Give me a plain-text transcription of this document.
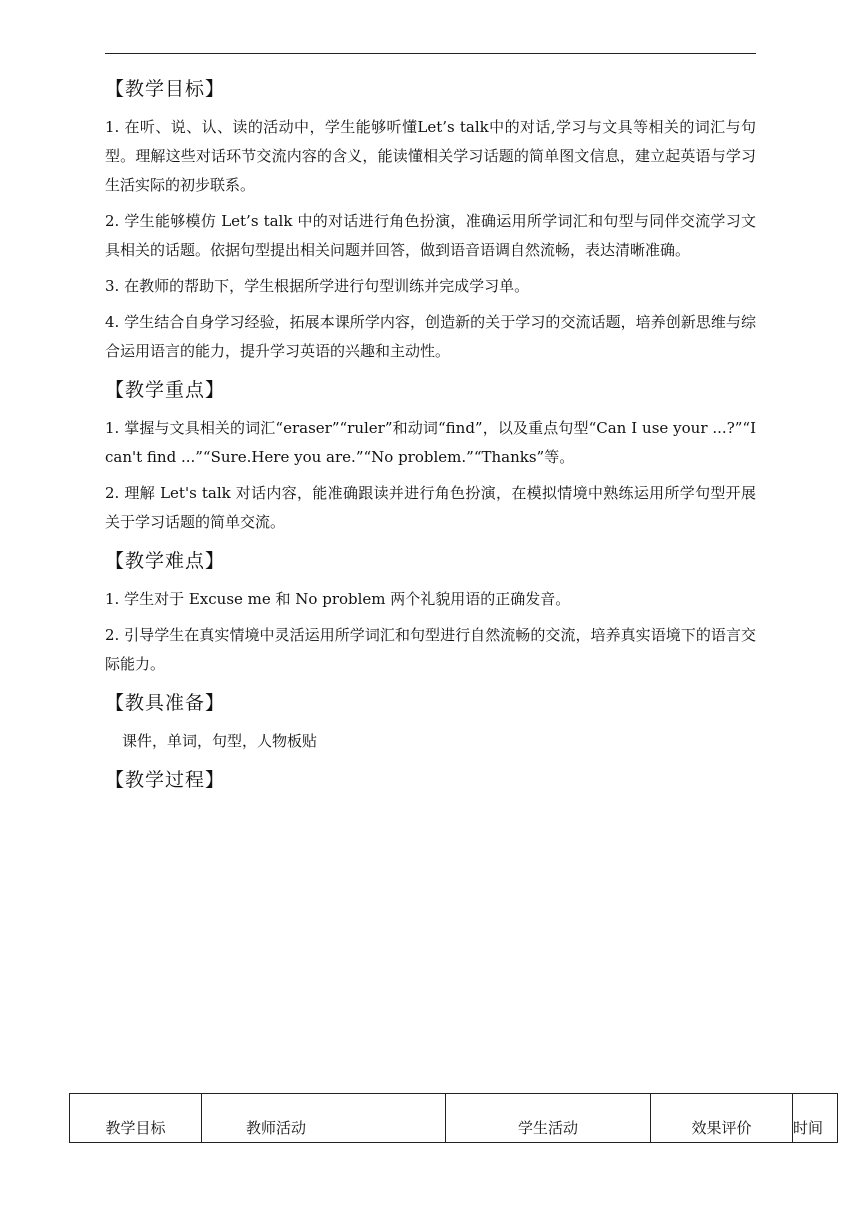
【教学目标】

1. 在听、说、认、读的活动中，学生能够听懂Let’s talk中的对话,学习与文具等相关的词汇与句型。理解这些对话环节交流内容的含义，能读懂相关学习话题的简单图文信息，建立起英语与学习生活实际的初步联系。

2. 学生能够模仿 Let’s talk 中的对话进行角色扮演，准确运用所学词汇和句型与同伴交流学习文具相关的话题。依据句型提出相关问题并回答，做到语音语调自然流畅，表达清晰准确。

3. 在教师的帮助下，学生根据所学进行句型训练并完成学习单。

4. 学生结合自身学习经验，拓展本课所学内容，创造新的关于学习的交流话题，培养创新思维与综合运用语言的能力，提升学习英语的兴趣和主动性。

【教学重点】

1. 掌握与文具相关的词汇“eraser”“ruler”和动词“find”，以及重点句型“Can I use your ...?”“I can't find ...”“Sure.Here you are.”“No problem.”“Thanks”等。

2. 理解 Let's talk 对话内容，能准确跟读并进行角色扮演，在模拟情境中熟练运用所学句型开展关于学习话题的简单交流。

【教学难点】

1. 学生对于 Excuse me 和 No problem 两个礼貌用语的正确发音。

2. 引导学生在真实情境中灵活运用所学词汇和句型进行自然流畅的交流，培养真实语境下的语言交际能力。

【教具准备】

课件，单词，句型，人物板贴

【教学过程】
教学目标	教师活动	学生活动	效果评价	时间
